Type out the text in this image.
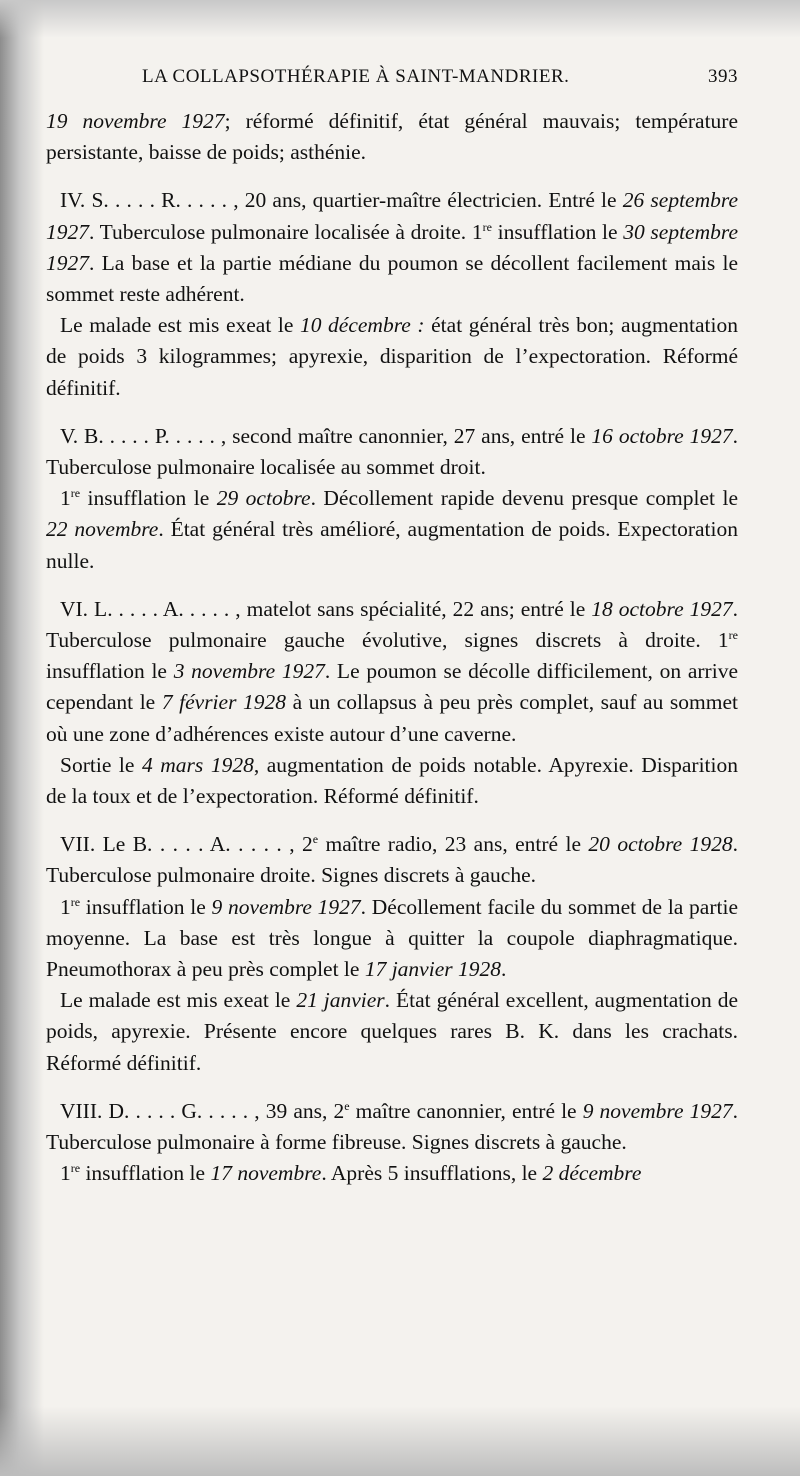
LA COLLAPSOTHÉRAPIE À SAINT-MANDRIER.	393

19 novembre 1927; réformé définitif, état général mauvais; température persistante, baisse de poids; asthénie.

IV. S. . . . . R. . . . . , 20 ans, quartier-maître électricien. Entré le 26 septembre 1927. Tuberculose pulmonaire localisée à droite. 1re insufflation le 30 septembre 1927. La base et la partie médiane du poumon se décollent facilement mais le sommet reste adhérent.

Le malade est mis exeat le 10 décembre : état général très bon; augmentation de poids 3 kilogrammes; apyrexie, disparition de l’expectoration. Réformé définitif.

V. B. . . . . P. . . . . , second maître canonnier, 27 ans, entré le 16 octobre 1927. Tuberculose pulmonaire localisée au sommet droit.

1re insufflation le 29 octobre. Décollement rapide devenu presque complet le 22 novembre. État général très amélioré, augmentation de poids. Expectoration nulle.

VI. L. . . . . A. . . . . , matelot sans spécialité, 22 ans; entré le 18 octobre 1927. Tuberculose pulmonaire gauche évolutive, signes discrets à droite. 1re insufflation le 3 novembre 1927. Le poumon se décolle difficilement, on arrive cependant le 7 février 1928 à un collapsus à peu près complet, sauf au sommet où une zone d’adhérences existe autour d’une caverne.

Sortie le 4 mars 1928, augmentation de poids notable. Apyrexie. Disparition de la toux et de l’expectoration. Réformé définitif.

VII. Le B. . . . . A. . . . . , 2e maître radio, 23 ans, entré le 20 octobre 1928. Tuberculose pulmonaire droite. Signes discrets à gauche.

1re insufflation le 9 novembre 1927. Décollement facile du sommet de la partie moyenne. La base est très longue à quitter la coupole diaphragmatique. Pneumothorax à peu près complet le 17 janvier 1928.

Le malade est mis exeat le 21 janvier. État général excellent, augmentation de poids, apyrexie. Présente encore quelques rares B. K. dans les crachats. Réformé définitif.

VIII. D. . . . . G. . . . . , 39 ans, 2e maître canonnier, entré le 9 novembre 1927. Tuberculose pulmonaire à forme fibreuse. Signes discrets à gauche.

1re insufflation le 17 novembre. Après 5 insufflations, le 2 décembre
